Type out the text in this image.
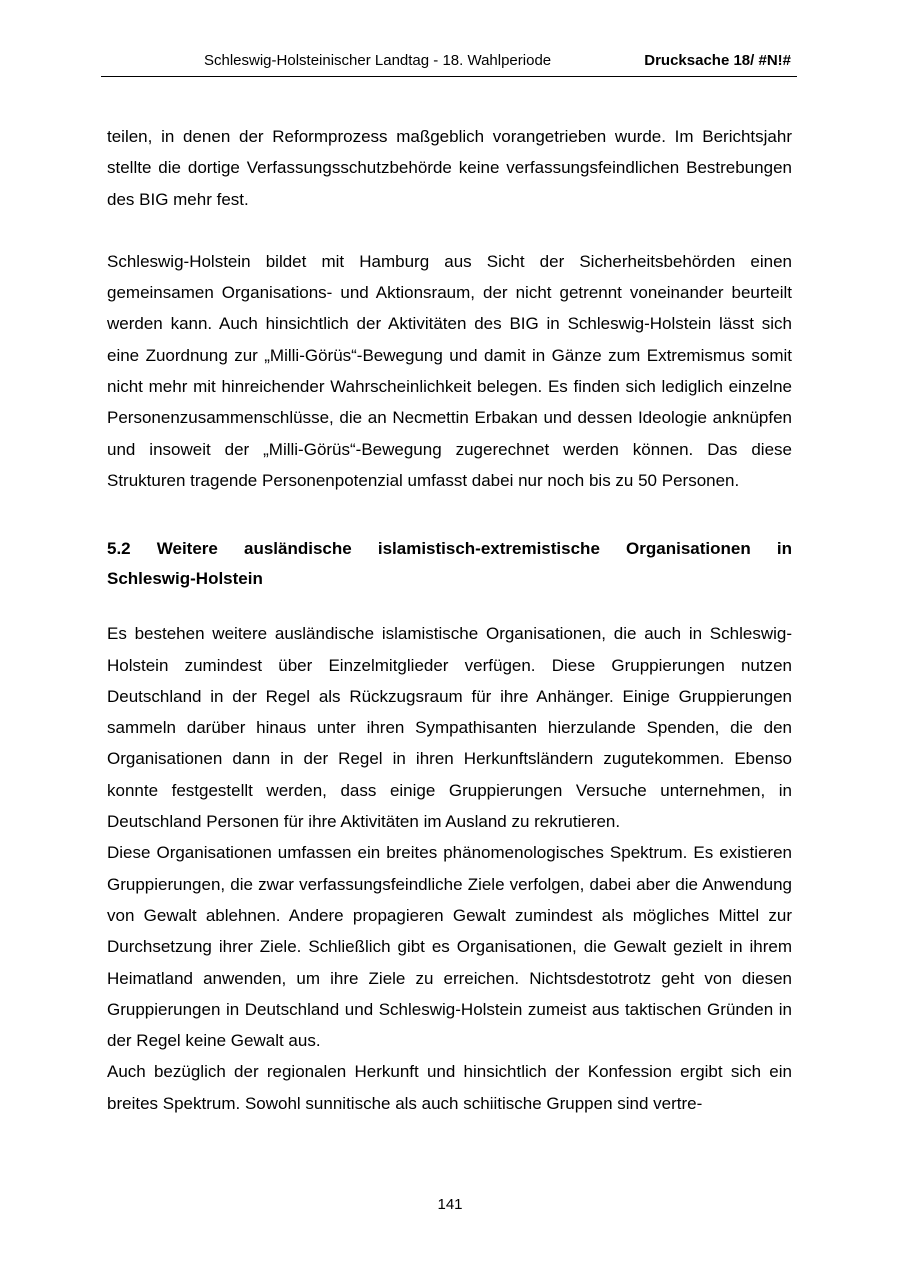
Schleswig-Holsteinischer Landtag - 18. Wahlperiode	Drucksache 18/ #N!#

teilen, in denen der Reformprozess maßgeblich vorangetrieben wurde. Im Berichtsjahr stellte die dortige Verfassungsschutzbehörde keine verfassungsfeindlichen Bestrebungen des BIG mehr fest.

Schleswig-Holstein bildet mit Hamburg aus Sicht der Sicherheitsbehörden einen gemeinsamen Organisations- und Aktionsraum, der nicht getrennt voneinander beurteilt werden kann. Auch hinsichtlich der Aktivitäten des BIG in Schleswig-Holstein lässt sich eine Zuordnung zur „Milli-Görüs“-Bewegung und damit in Gänze zum Extremismus somit nicht mehr mit hinreichender Wahrscheinlichkeit belegen. Es finden sich lediglich einzelne Personenzusammenschlüsse, die an Necmettin Erbakan und dessen Ideologie anknüpfen und insoweit der „Milli-Görüs“-Bewegung zugerechnet werden können. Das diese Strukturen tragende Personenpotenzial umfasst dabei nur noch bis zu 50 Personen.

5.2 Weitere ausländische islamistisch-extremistische Organisationen in
Schleswig-Holstein

Es bestehen weitere ausländische islamistische Organisationen, die auch in Schleswig-Holstein zumindest über Einzelmitglieder verfügen. Diese Gruppierungen nutzen Deutschland in der Regel als Rückzugsraum für ihre Anhänger. Einige Gruppierungen sammeln darüber hinaus unter ihren Sympathisanten hierzulande Spenden, die den Organisationen dann in der Regel in ihren Herkunftsländern zugutekommen. Ebenso konnte festgestellt werden, dass einige Gruppierungen Versuche unternehmen, in Deutschland Personen für ihre Aktivitäten im Ausland zu rekrutieren.

Diese Organisationen umfassen ein breites phänomenologisches Spektrum. Es existieren Gruppierungen, die zwar verfassungsfeindliche Ziele verfolgen, dabei aber die Anwendung von Gewalt ablehnen. Andere propagieren Gewalt zumindest als mögliches Mittel zur Durchsetzung ihrer Ziele. Schließlich gibt es Organisationen, die Gewalt gezielt in ihrem Heimatland anwenden, um ihre Ziele zu erreichen. Nichtsdestotrotz geht von diesen Gruppierungen in Deutschland und Schleswig-Holstein zumeist aus taktischen Gründen in der Regel keine Gewalt aus.

Auch bezüglich der regionalen Herkunft und hinsichtlich der Konfession ergibt sich ein breites Spektrum. Sowohl sunnitische als auch schiitische Gruppen sind vertre-

141
